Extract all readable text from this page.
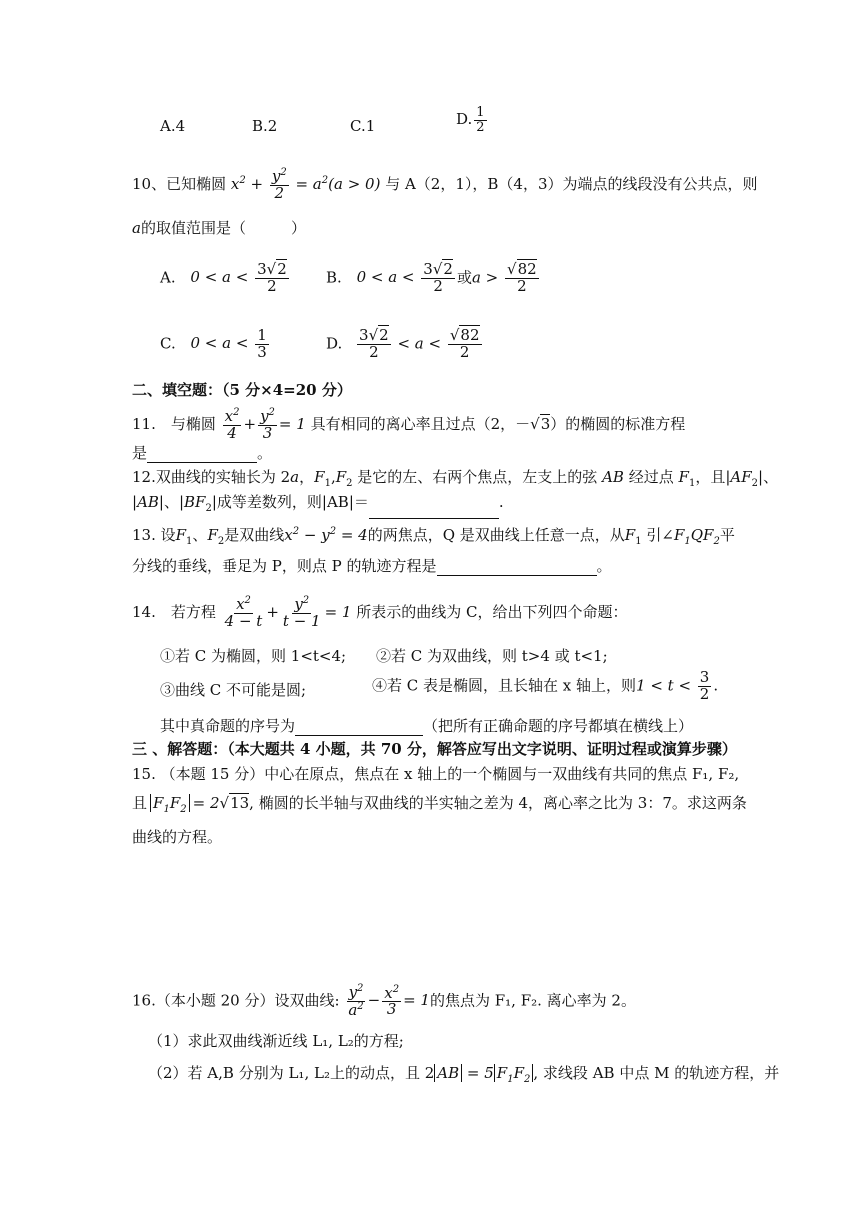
A.4	B.2	C.1	D. $\frac{1}{2}$
10、已知椭圆 $x^2 + \frac{y^2}{2} = a^2(a > 0)$ 与 A（2，1），B（4，3）为端点的线段没有公共点，则
a的取值范围是（　　　）
A. $0 < a < \frac{3√2}{2} B$. $0 < a < \frac{3√2}{2}$ 或$a > \frac{√82}{2}$
C. $0 < a < \frac{1}{3}$	D. $\frac{3√2}{2} < a < \frac{√82}{2}$
二、填空题：（5 分×4=20 分）
11.　与椭圆 $\frac{x^2}{4} + \frac{y^2}{3} = 1$ 具有相同的离心率且过点（2，－√3）的椭圆的标准方程
是	。
12.双曲线的实轴长为 2a，$F_1,F_2$ 是它的左、右两个焦点，左支上的弦 AB 经过点 $F_1$，且$|AF_2|$、
|AB|、$|BF_2|$成等差数列，则|AB|＝	.
13. 设$F_1$、$F_2$是双曲线$x^2 - y^2 = 4$的两焦点，Q 是双曲线上任意一点，从$F_1$ 引$\angle F_1QF_2$平
分线的垂线，垂足为 P，则点 P 的轨迹方程是	。
14.　若方程 $\frac{x^2}{4 - t} + \frac{y^2}{t - 1} = 1$ 所表示的曲线为 C，给出下列四个命题：
①若 C 为椭圆，则 1<t<4; ②若 C 为双曲线，则 t>4 或 t<1;
③曲线 C 不可能是圆;	④若 C 表是椭圆，且长轴在 x 轴上，则$1 < t < \frac{3}{2}$ .
其中真命题的序号为	（把所有正确命题的序号都填在横线上）
三 、解答题：（本大题共 4 小题，共 70 分，解答应写出文字说明、证明过程或演算步骤）
15. （本题 15 分）中心在原点，焦点在 x 轴上的一个椭圆与一双曲线有共同的焦点 F₁, F₂,
且 $F_1F_2 = 2√13$, 椭圆的长半轴与双曲线的半实轴之差为 4，离心率之比为 3：7。求这两条
曲线的方程。
16.（本小题 20 分）设双曲线: $\frac{y^2}{a^2} - \frac{x^2}{3} = 1$的焦点为 F₁, F₂. 离心率为 2。
（1）求此双曲线渐近线 L₁, L₂的方程;
（2）若 A,B 分别为 L₁, L₂上的动点，且 2 AB = 5 $F_1F_2$ , 求线段 AB 中点 M 的轨迹方程，并
